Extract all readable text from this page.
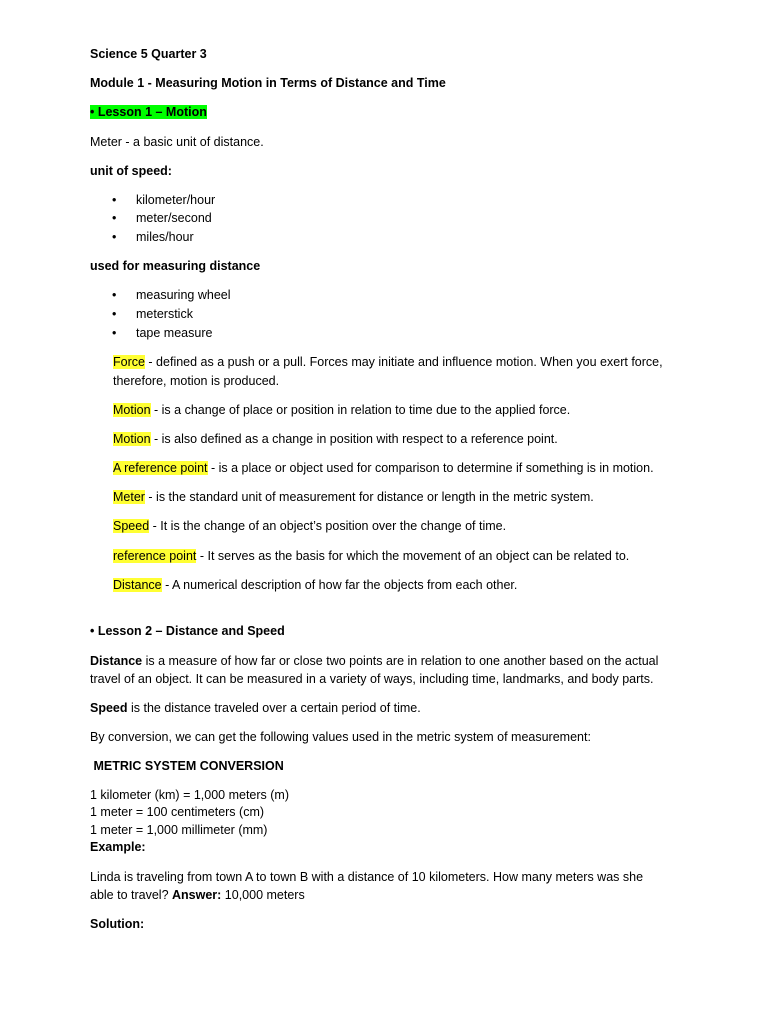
Science 5 Quarter 3
Module 1 - Measuring Motion in Terms of Distance and Time
• Lesson 1 – Motion
Meter - a basic unit of distance.
unit of speed:
• kilometer/hour
• meter/second
• miles/hour
used for measuring distance
• measuring wheel
• meterstick
• tape measure
Force - defined as a push or a pull. Forces may initiate and influence motion. When you exert force,
therefore, motion is produced.
Motion - is a change of place or position in relation to time due to the applied force.
Motion - is also defined as a change in position with respect to a reference point.
A reference point - is a place or object used for comparison to determine if something is in motion.
Meter - is the standard unit of measurement for distance or length in the metric system.
Speed - It is the change of an object’s position over the change of time.
reference point - It serves as the basis for which the movement of an object can be related to.
Distance - A numerical description of how far the objects from each other.
• Lesson 2 – Distance and Speed
Distance is a measure of how far or close two points are in relation to one another based on the actual
travel of an object. It can be measured in a variety of ways, including time, landmarks, and body parts.
Speed is the distance traveled over a certain period of time.
By conversion, we can get the following values used in the metric system of measurement:
METRIC SYSTEM CONVERSION
1 kilometer (km) = 1,000 meters (m)
1 meter = 100 centimeters (cm)
1 meter = 1,000 millimeter (mm)
Example:
Linda is traveling from town A to town B with a distance of 10 kilometers. How many meters was she
able to travel? Answer: 10,000 meters
Solution:
